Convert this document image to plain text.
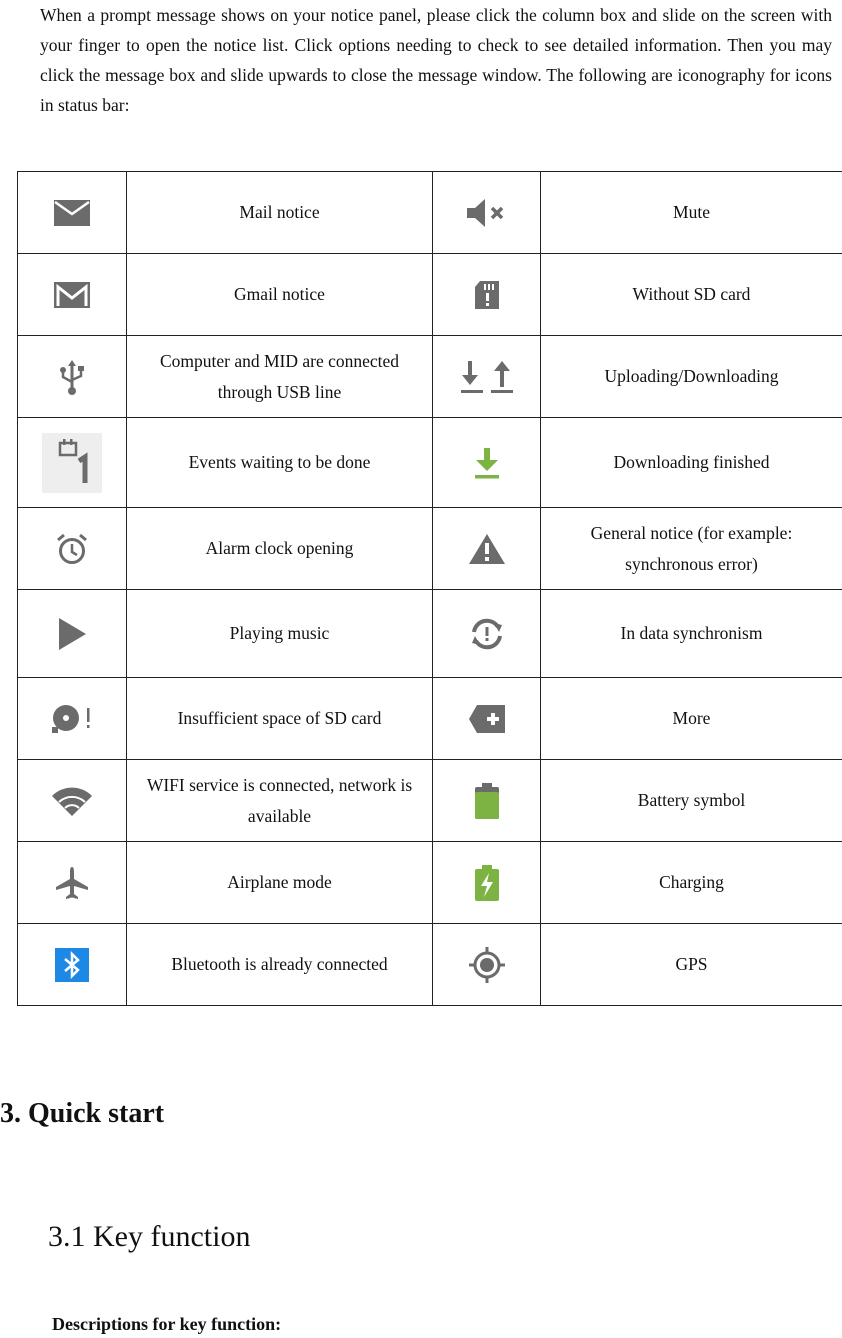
When a prompt message shows on your notice panel, please click the column box and slide on the screen with your finger to open the notice list. Click options needing to check to see detailed information. Then you may click the message box and slide upwards to close the message window. The following are iconography for icons in status bar:
	Mail notice		Mute

	Gmail notice		Without SD card

	Computer and MID are connected through USB line		Uploading/Downloading

	Events waiting to be done		Downloading finished

	Alarm clock opening		General notice (for example: synchronous error)

	Playing music		In data synchronism

	Insufficient space of SD card		More

	WIFI service is connected, network is available		Battery symbol

	Airplane mode		Charging

	Bluetooth is already connected		GPS
3. Quick start
3.1 Key function
Descriptions for key function:
